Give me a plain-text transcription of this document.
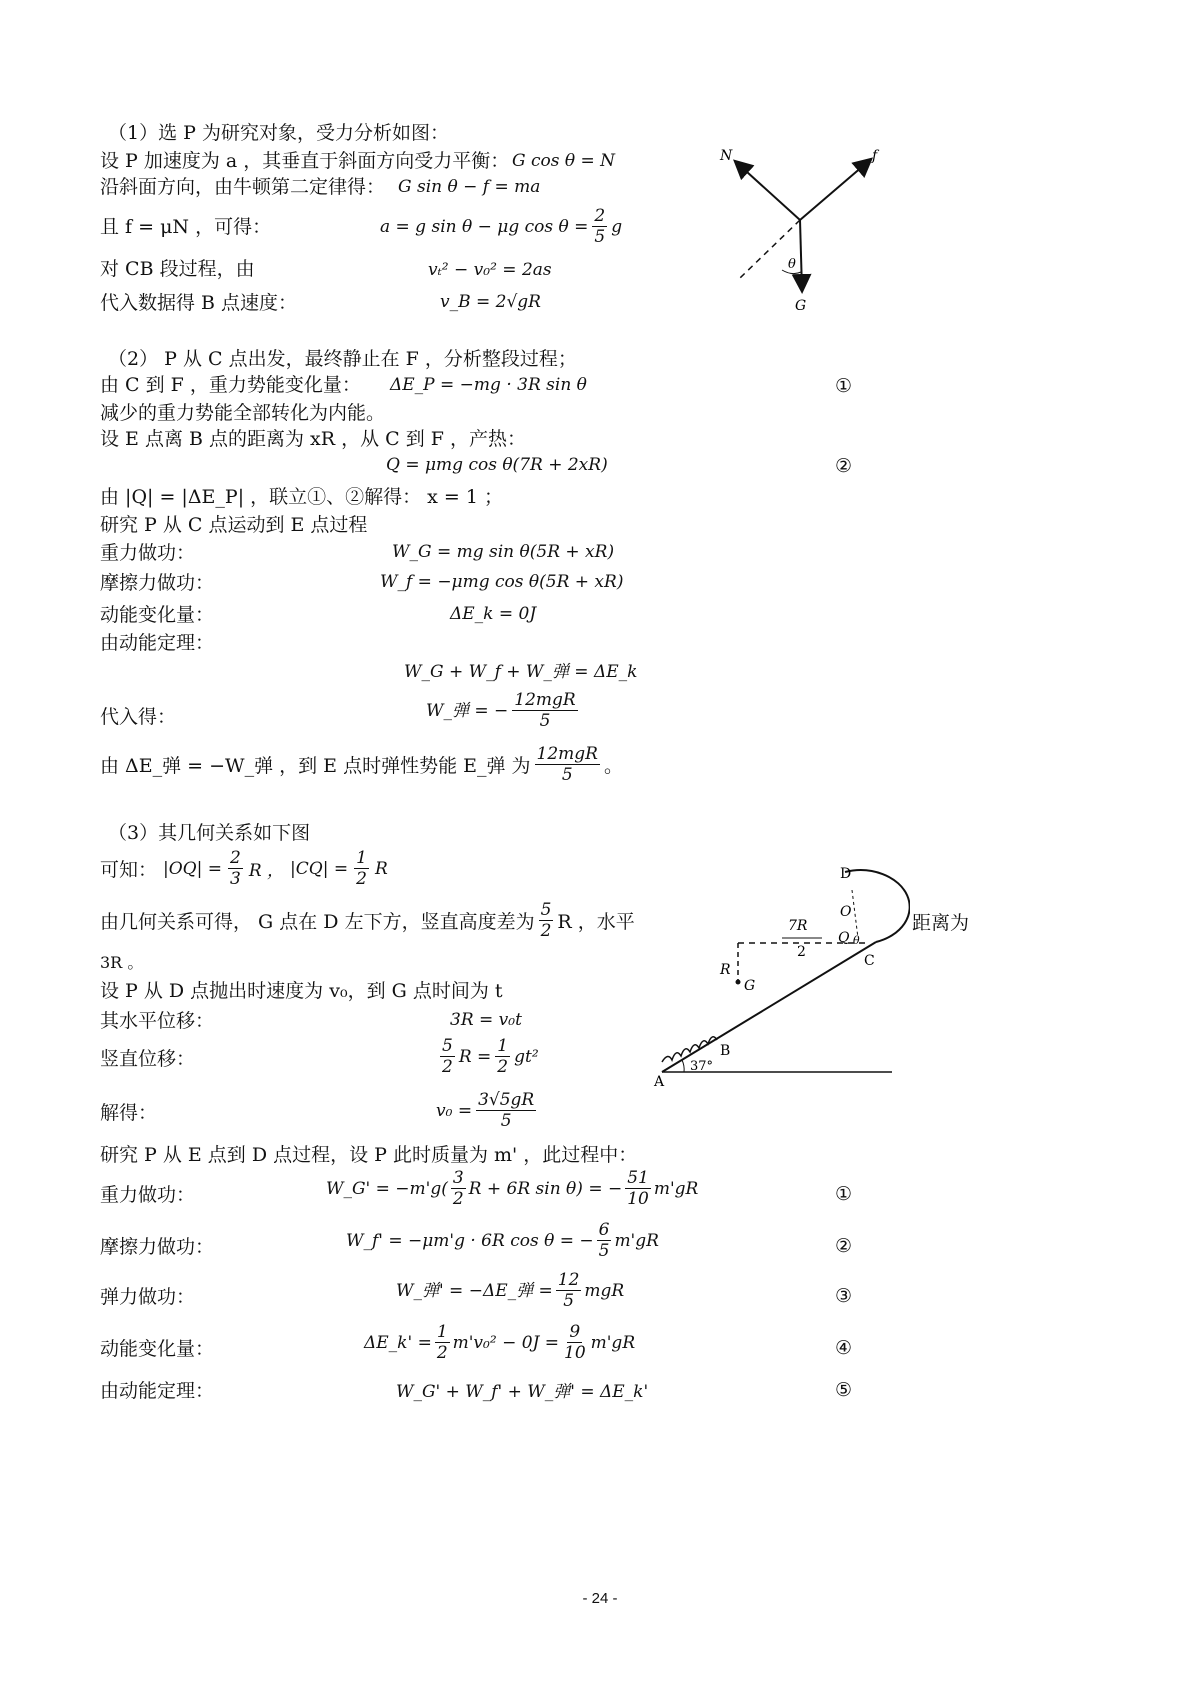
（1）选 P 为研究对象，受力分析如图：
设 P 加速度为 a ，其垂直于斜面方向受力平衡： G cos θ = N
沿斜面方向，由牛顿第二定律得： G sin θ − f = ma
且 f = μN ，可得：	a = g sin θ − μg $\cos \theta = \frac{2}{5}$ g
对 CB 段过程，由	vₜ² − v₀² = 2as
代入数据得 B 点速度：	v_B = 2√gR
N	f
θ
G
（2） P 从 C 点出发，最终静止在 F ，分析整段过程；
由 C 到 F ，重力势能变化量： ΔE_P = −mg · 3R sin θ	①
减少的重力势能全部转化为内能。
设 E 点离 B 点的距离为 xR ，从 C 到 F ，产热：
Q = μmg cos θ(7R + 2xR)	②
由 |Q| = |ΔE_P| ，联立①、②解得： x = 1 ；
研究 P 从 C 点运动到 E 点过程
重力做功：	W_G = mg sin θ(5R + xR)
摩擦力做功：	W_f = −μmg cos θ(5R + xR)
动能变化量：	ΔE_k = 0J
由动能定理：
W_G + W_f + W_弹 = ΔE_k
代入得：	W_弹 = − $\frac{\text{12mgR}}{5}$
由 ΔE_弹 = −W_弹 ，到 E 点时弹性势能 E_弹 为 $\frac{\text{12mgR}}{5}$ 。
（3）其几何关系如下图
可知： $|OQ| = \frac{2}{3}$ R ， $|CQ| = \frac{1}{2}$ R
由几何关系可得， G 点在 D 左下方，竖直高度差为 $\frac{5}{2}$ R ，水平	距离为
3R 。
设 P 从 D 点抛出时速度为 v₀，到 G 点时间为 t
其水平位移：	3R = v₀t
竖直位移：	$\frac{5}{2}$ $R = \frac{1}{2} gt^2$
解得：	$v_0 = \frac{3√5gR}{5}$
研究 P 从 E 点到 D 点过程，设 P 此时质量为 m' ，此过程中：
重力做功：	W_G' = $-m'g( \frac{3}{2}$ R + 6R sin θ) = − $\frac{51}{10} m'gR$	①
摩擦力做功：	W_f' = −μm'g · 6R cos θ = − $\frac{6}{5} m'gR$	②
弹力做功：	W_弹' = −ΔE_弹 = $\frac{12}{5}$ mgR	③
动能变化量：	ΔE_k' = $\frac{1}{2} m'v_0^2 - 0J = \frac{9}{10} m'gR$	④
由动能定理：	W_G' + W_f' + W_弹' = ΔE_k'	⑤
D
O
Q θ
C
7R
2
R
G
B
A
37°
- 24 -
